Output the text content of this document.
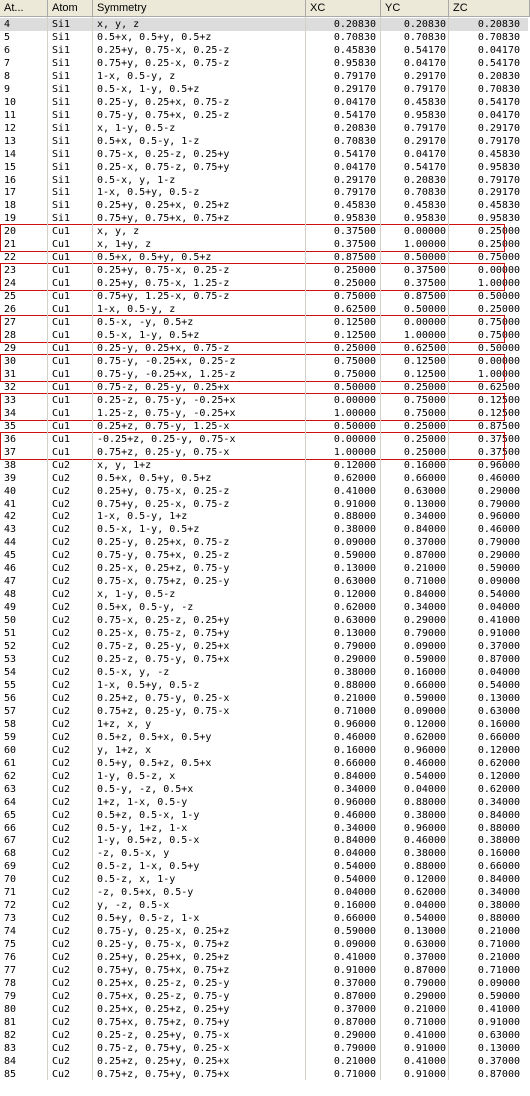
At...	Atom	Symmetry	XC	YC	ZC
4	Si1	x, y, z	0.20830	0.20830	0.20830
5	Si1	0.5+x, 0.5+y, 0.5+z	0.70830	0.70830	0.70830
6	Si1	0.25+y, 0.75-x, 0.25-z	0.45830	0.54170	0.04170
7	Si1	0.75+y, 0.25-x, 0.75-z	0.95830	0.04170	0.54170
8	Si1	1-x, 0.5-y, z	0.79170	0.29170	0.20830
9	Si1	0.5-x, 1-y, 0.5+z	0.29170	0.79170	0.70830
10	Si1	0.25-y, 0.25+x, 0.75-z	0.04170	0.45830	0.54170
11	Si1	0.75-y, 0.75+x, 0.25-z	0.54170	0.95830	0.04170
12	Si1	x, 1-y, 0.5-z	0.20830	0.79170	0.29170
13	Si1	0.5+x, 0.5-y, 1-z	0.70830	0.29170	0.79170
14	Si1	0.75-x, 0.25-z, 0.25+y	0.54170	0.04170	0.45830
15	Si1	0.25-x, 0.75-z, 0.75+y	0.04170	0.54170	0.95830
16	Si1	0.5-x, y, 1-z	0.29170	0.20830	0.79170
17	Si1	1-x, 0.5+y, 0.5-z	0.79170	0.70830	0.29170
18	Si1	0.25+y, 0.25+x, 0.25+z	0.45830	0.45830	0.45830
19	Si1	0.75+y, 0.75+x, 0.75+z	0.95830	0.95830	0.95830
20	Cu1	x, y, z	0.37500	0.00000	0.25000
21	Cu1	x, 1+y, z	0.37500	1.00000	0.25000
22	Cu1	0.5+x, 0.5+y, 0.5+z	0.87500	0.50000	0.75000
23	Cu1	0.25+y, 0.75-x, 0.25-z	0.25000	0.37500	0.00000
24	Cu1	0.25+y, 0.75-x, 1.25-z	0.25000	0.37500	1.00000
25	Cu1	0.75+y, 1.25-x, 0.75-z	0.75000	0.87500	0.50000
26	Cu1	1-x, 0.5-y, z	0.62500	0.50000	0.25000
27	Cu1	0.5-x, -y, 0.5+z	0.12500	0.00000	0.75000
28	Cu1	0.5-x, 1-y, 0.5+z	0.12500	1.00000	0.75000
29	Cu1	0.25-y, 0.25+x, 0.75-z	0.25000	0.62500	0.50000
30	Cu1	0.75-y, -0.25+x, 0.25-z	0.75000	0.12500	0.00000
31	Cu1	0.75-y, -0.25+x, 1.25-z	0.75000	0.12500	1.00000
32	Cu1	0.75-z, 0.25-y, 0.25+x	0.50000	0.25000	0.62500
33	Cu1	0.25-z, 0.75-y, -0.25+x	0.00000	0.75000	0.12500
34	Cu1	1.25-z, 0.75-y, -0.25+x	1.00000	0.75000	0.12500
35	Cu1	0.25+z, 0.75-y, 1.25-x	0.50000	0.25000	0.87500
36	Cu1	-0.25+z, 0.25-y, 0.75-x	0.00000	0.25000	0.37500
37	Cu1	0.75+z, 0.25-y, 0.75-x	1.00000	0.25000	0.37500
38	Cu2	x, y, 1+z	0.12000	0.16000	0.96000
39	Cu2	0.5+x, 0.5+y, 0.5+z	0.62000	0.66000	0.46000
40	Cu2	0.25+y, 0.75-x, 0.25-z	0.41000	0.63000	0.29000
41	Cu2	0.75+y, 0.25-x, 0.75-z	0.91000	0.13000	0.79000
42	Cu2	1-x, 0.5-y, 1+z	0.88000	0.34000	0.96000
43	Cu2	0.5-x, 1-y, 0.5+z	0.38000	0.84000	0.46000
44	Cu2	0.25-y, 0.25+x, 0.75-z	0.09000	0.37000	0.79000
45	Cu2	0.75-y, 0.75+x, 0.25-z	0.59000	0.87000	0.29000
46	Cu2	0.25-x, 0.25+z, 0.75-y	0.13000	0.21000	0.59000
47	Cu2	0.75-x, 0.75+z, 0.25-y	0.63000	0.71000	0.09000
48	Cu2	x, 1-y, 0.5-z	0.12000	0.84000	0.54000
49	Cu2	0.5+x, 0.5-y, -z	0.62000	0.34000	0.04000
50	Cu2	0.75-x, 0.25-z, 0.25+y	0.63000	0.29000	0.41000
51	Cu2	0.25-x, 0.75-z, 0.75+y	0.13000	0.79000	0.91000
52	Cu2	0.75-z, 0.25-y, 0.25+x	0.79000	0.09000	0.37000
53	Cu2	0.25-z, 0.75-y, 0.75+x	0.29000	0.59000	0.87000
54	Cu2	0.5-x, y, -z	0.38000	0.16000	0.04000
55	Cu2	1-x, 0.5+y, 0.5-z	0.88000	0.66000	0.54000
56	Cu2	0.25+z, 0.75-y, 0.25-x	0.21000	0.59000	0.13000
57	Cu2	0.75+z, 0.25-y, 0.75-x	0.71000	0.09000	0.63000
58	Cu2	1+z, x, y	0.96000	0.12000	0.16000
59	Cu2	0.5+z, 0.5+x, 0.5+y	0.46000	0.62000	0.66000
60	Cu2	y, 1+z, x	0.16000	0.96000	0.12000
61	Cu2	0.5+y, 0.5+z, 0.5+x	0.66000	0.46000	0.62000
62	Cu2	1-y, 0.5-z, x	0.84000	0.54000	0.12000
63	Cu2	0.5-y, -z, 0.5+x	0.34000	0.04000	0.62000
64	Cu2	1+z, 1-x, 0.5-y	0.96000	0.88000	0.34000
65	Cu2	0.5+z, 0.5-x, 1-y	0.46000	0.38000	0.84000
66	Cu2	0.5-y, 1+z, 1-x	0.34000	0.96000	0.88000
67	Cu2	1-y, 0.5+z, 0.5-x	0.84000	0.46000	0.38000
68	Cu2	-z, 0.5-x, y	0.04000	0.38000	0.16000
69	Cu2	0.5-z, 1-x, 0.5+y	0.54000	0.88000	0.66000
70	Cu2	0.5-z, x, 1-y	0.54000	0.12000	0.84000
71	Cu2	-z, 0.5+x, 0.5-y	0.04000	0.62000	0.34000
72	Cu2	y, -z, 0.5-x	0.16000	0.04000	0.38000
73	Cu2	0.5+y, 0.5-z, 1-x	0.66000	0.54000	0.88000
74	Cu2	0.75-y, 0.25-x, 0.25+z	0.59000	0.13000	0.21000
75	Cu2	0.25-y, 0.75-x, 0.75+z	0.09000	0.63000	0.71000
76	Cu2	0.25+y, 0.25+x, 0.25+z	0.41000	0.37000	0.21000
77	Cu2	0.75+y, 0.75+x, 0.75+z	0.91000	0.87000	0.71000
78	Cu2	0.25+x, 0.25-z, 0.25-y	0.37000	0.79000	0.09000
79	Cu2	0.75+x, 0.25-z, 0.75-y	0.87000	0.29000	0.59000
80	Cu2	0.25+x, 0.25+z, 0.25+y	0.37000	0.21000	0.41000
81	Cu2	0.75+x, 0.75+z, 0.75+y	0.87000	0.71000	0.91000
82	Cu2	0.25-z, 0.25+y, 0.75-x	0.29000	0.41000	0.63000
83	Cu2	0.75-z, 0.75+y, 0.25-x	0.79000	0.91000	0.13000
84	Cu2	0.25+z, 0.25+y, 0.25+x	0.21000	0.41000	0.37000
85	Cu2	0.75+z, 0.75+y, 0.75+x	0.71000	0.91000	0.87000
